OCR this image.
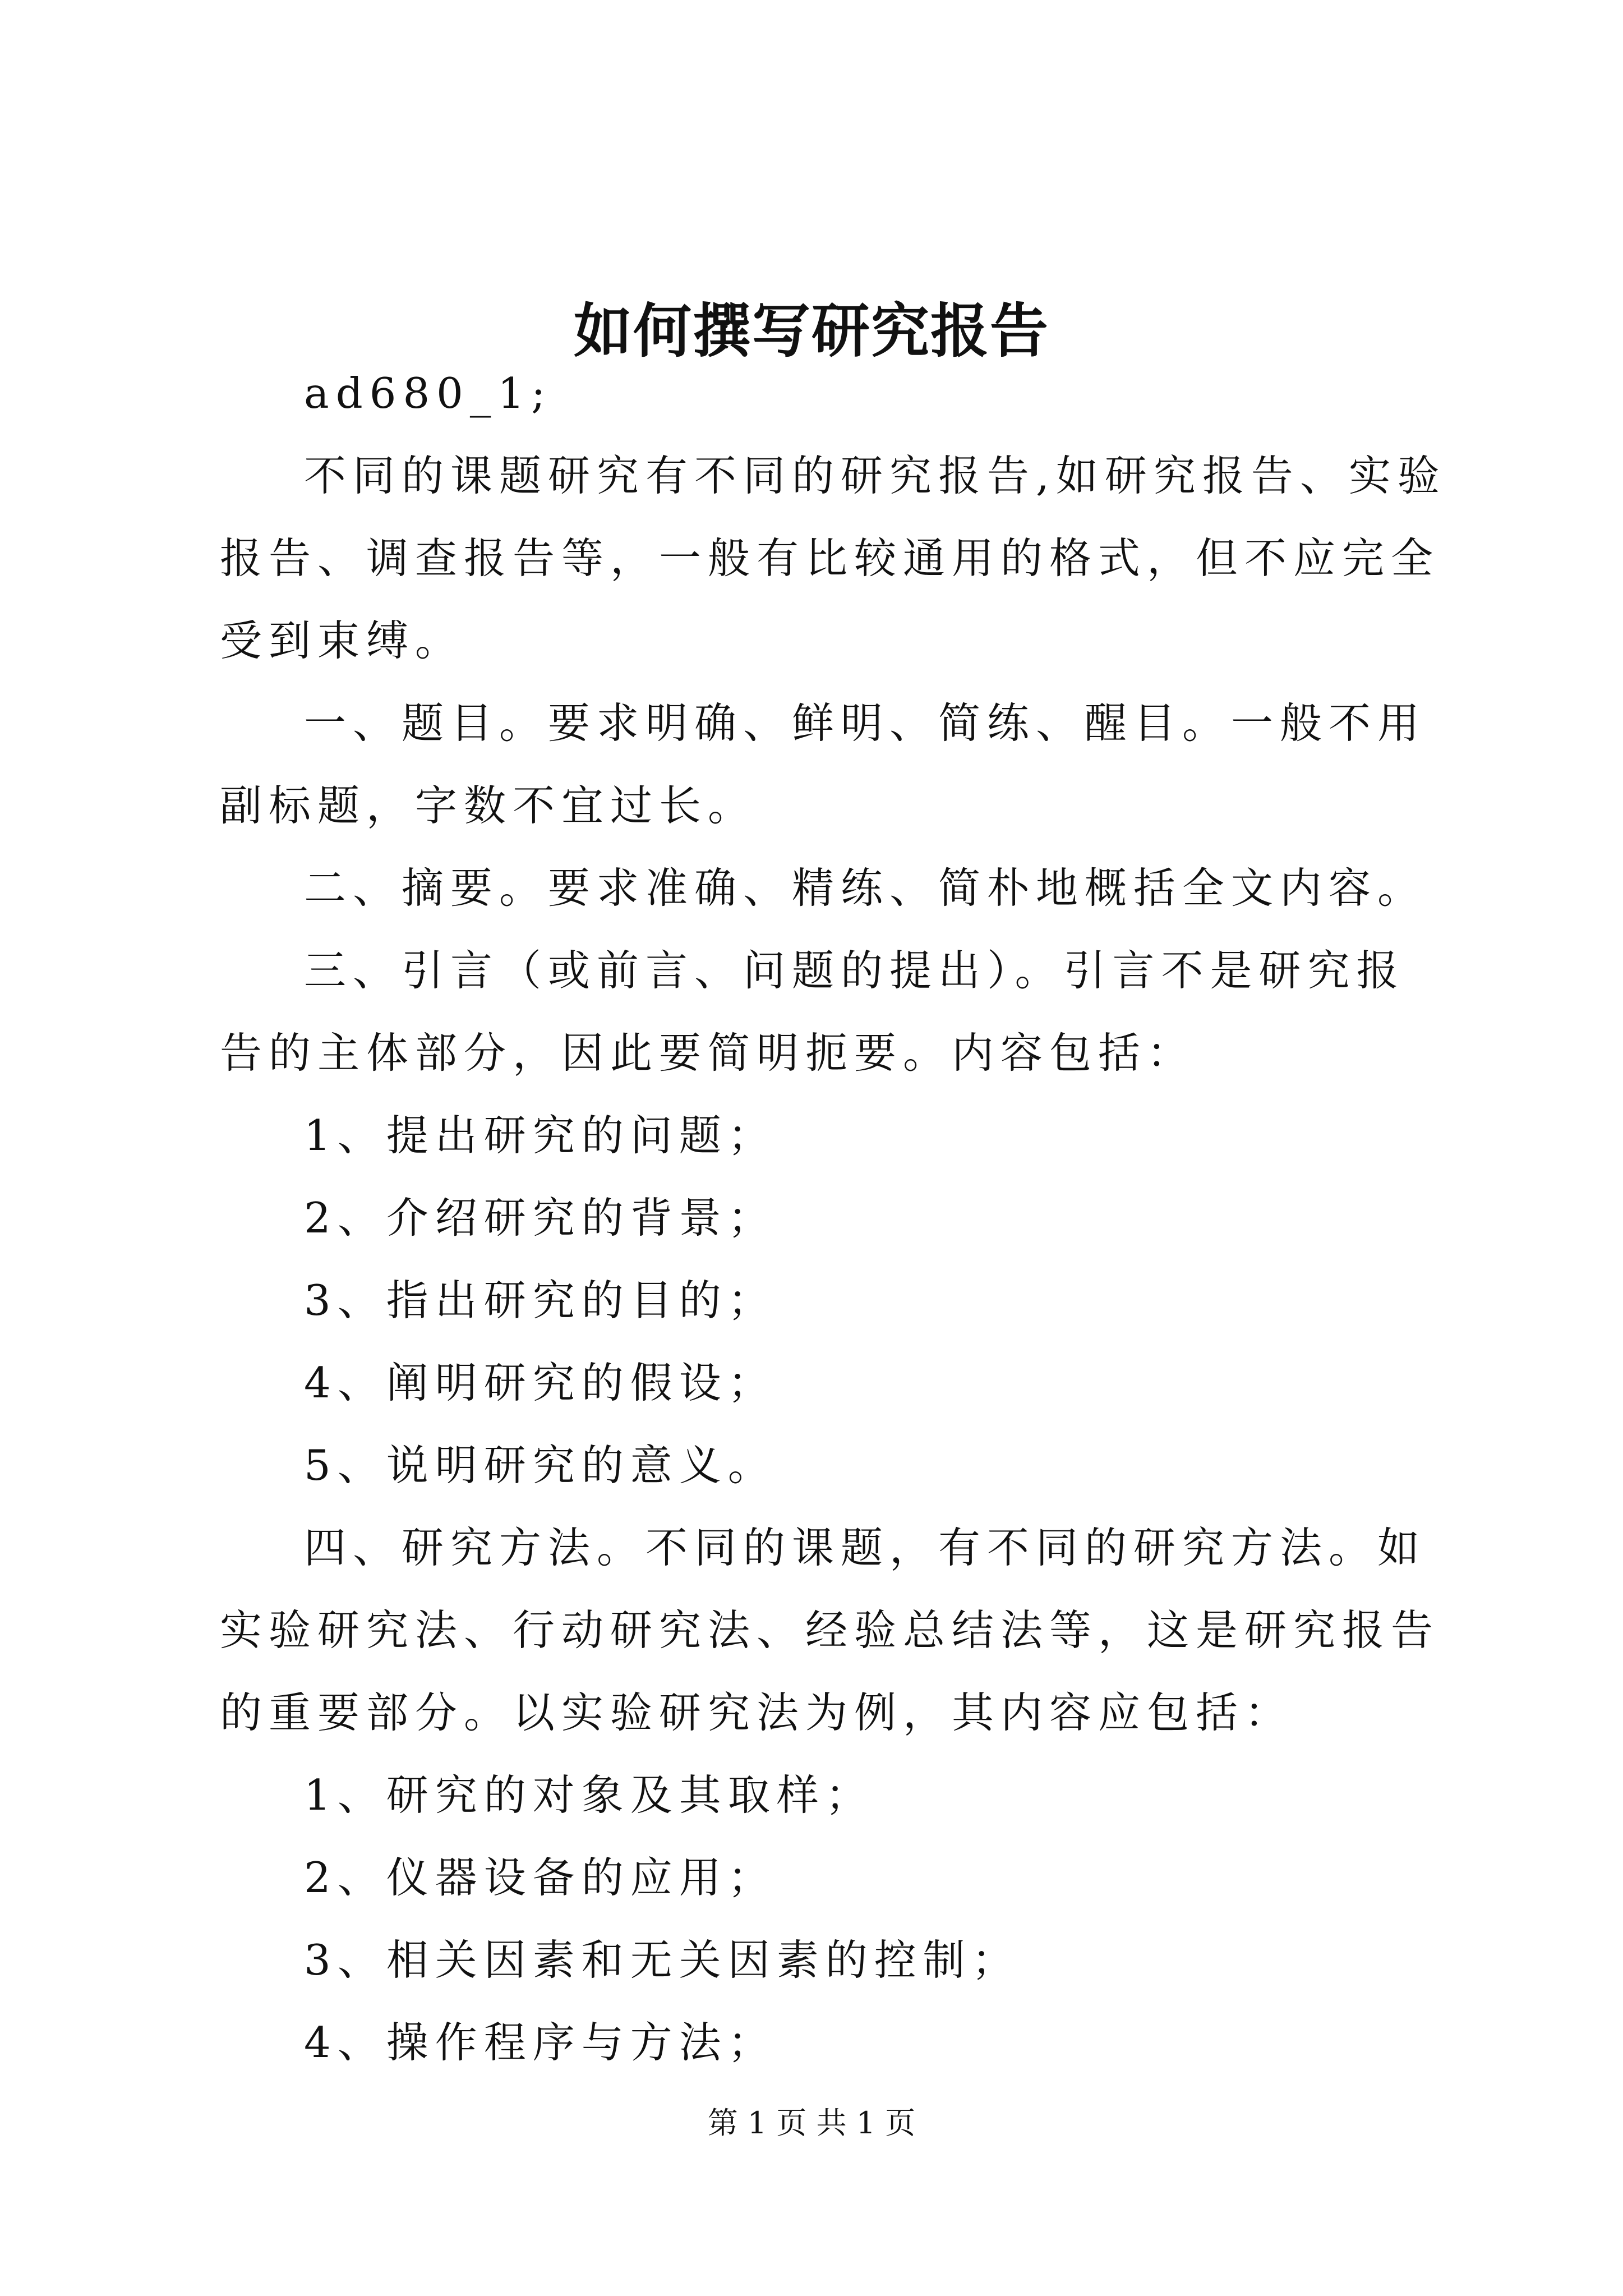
如何撰写研究报告

ad680_1;

不同的课题研究有不同的研究报告,如研究报告、实验报告、调查报告等，一般有比较通用的格式，但不应完全受到束缚。

一、题目。要求明确、鲜明、简练、醒目。一般不用副标题，字数不宜过长。

二、摘要。要求准确、精练、简朴地概括全文内容。

三、引言（或前言、问题的提出）。引言不是研究报告的主体部分，因此要简明扼要。内容包括：

1、提出研究的问题；

2、介绍研究的背景；

3、指出研究的目的；

4、阐明研究的假设；

5、说明研究的意义。

四、研究方法。不同的课题，有不同的研究方法。如实验研究法、行动研究法、经验总结法等，这是研究报告的重要部分。以实验研究法为例，其内容应包括：

1、研究的对象及其取样；

2、仪器设备的应用；

3、相关因素和无关因素的控制；

4、操作程序与方法；

第 1 页 共 1 页
